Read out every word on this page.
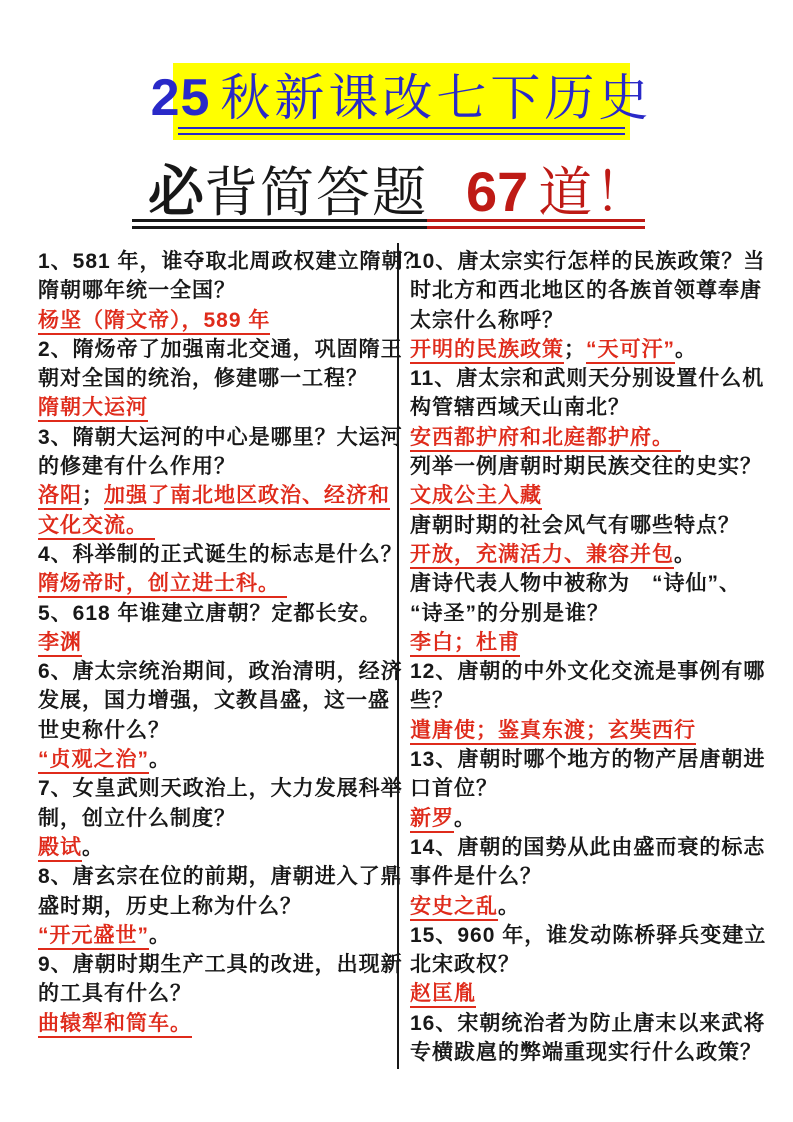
25 秋新课改七下历史
必 背简答题 67 道！
1、581 年，谁夺取北周政权建立隋朝？
隋朝哪年统一全国？
杨坚（隋文帝），589 年
2、隋炀帝了加强南北交通，巩固隋王
朝对全国的统治，修建哪一工程？
隋朝大运河
3、隋朝大运河的中心是哪里？大运河
的修建有什么作用？
洛阳；加强了南北地区政治、经济和
文化交流。
4、科举制的正式诞生的标志是什么？
隋炀帝时，创立进士科。
5、618 年谁建立唐朝？定都长安。
李渊
6、唐太宗统治期间，政治清明，经济
发展，国力增强，文教昌盛，这一盛
世史称什么？
“贞观之治”。
7、女皇武则天政治上，大力发展科举
制，创立什么制度？
殿试。
8、唐玄宗在位的前期，唐朝进入了鼎
盛时期，历史上称为什么？
“开元盛世”。
9、唐朝时期生产工具的改进，出现新
的工具有什么？
曲辕犁和筒车。
10、唐太宗实行怎样的民族政策？当
时北方和西北地区的各族首领尊奉唐
太宗什么称呼？
开明的民族政策；“天可汗”。
11、唐太宗和武则天分别设置什么机
构管辖西域天山南北？
安西都护府和北庭都护府。
列举一例唐朝时期民族交往的史实？
文成公主入藏
唐朝时期的社会风气有哪些特点？
开放，充满活力、兼容并包。
唐诗代表人物中被称为　“诗仙”、
“诗圣”的分别是谁？
李白；杜甫
12、唐朝的中外文化交流是事例有哪
些？
遣唐使；鉴真东渡；玄奘西行
13、唐朝时哪个地方的物产居唐朝进
口首位？
新罗。
14、唐朝的国势从此由盛而衰的标志
事件是什么？
安史之乱。
15、960 年，谁发动陈桥驿兵变建立
北宋政权？
赵匡胤
16、宋朝统治者为防止唐末以来武将
专横跋扈的弊端重现实行什么政策？
